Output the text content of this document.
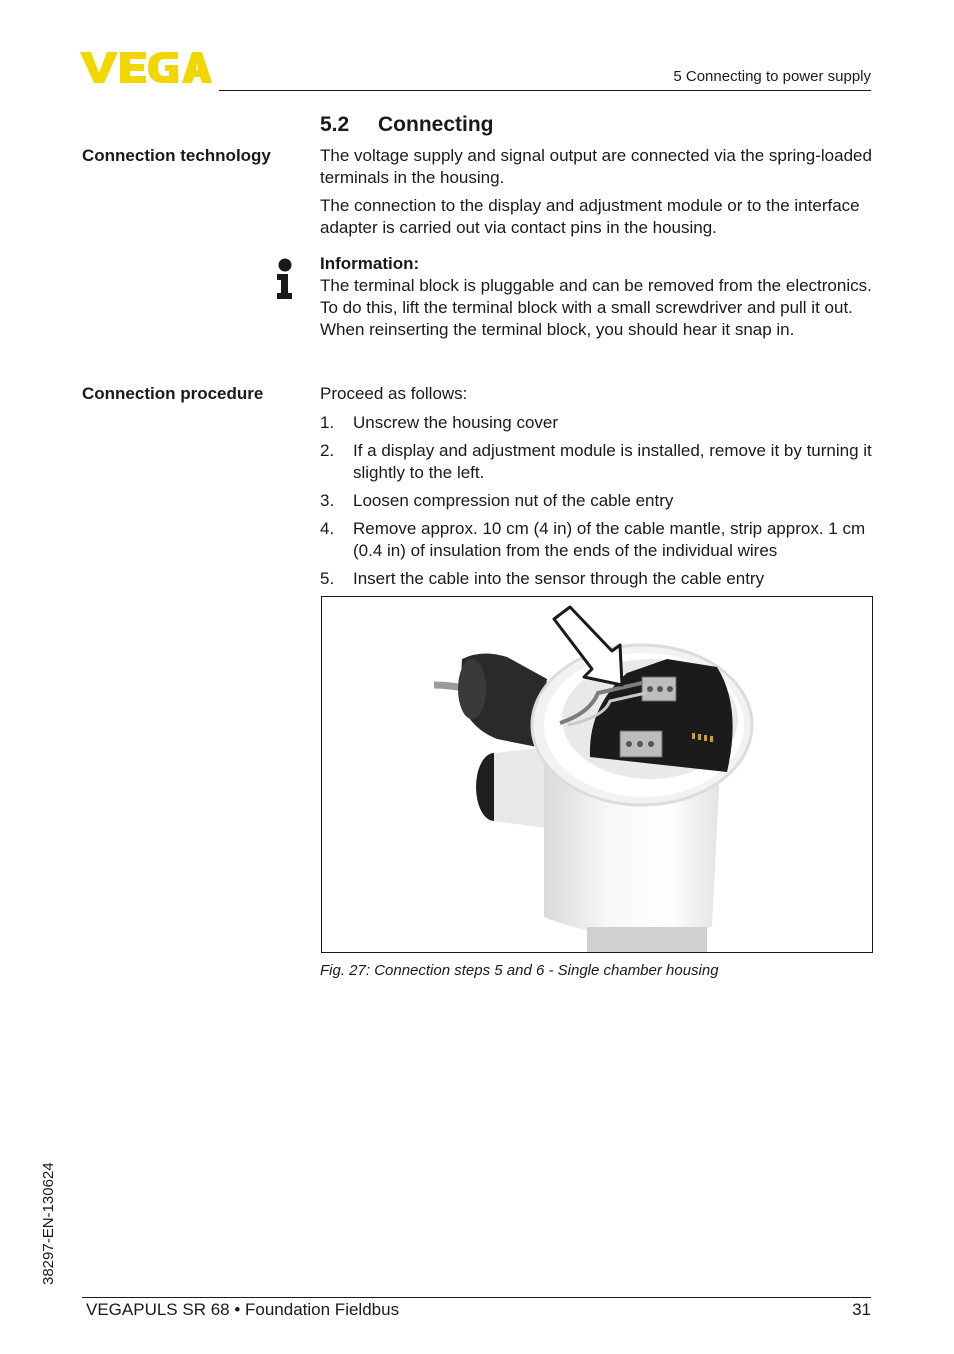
5 Connecting to power supply
5.2 Connecting
Connection technology	The voltage supply and signal output are connected via the spring-loaded terminals in the housing.

The connection to the display and adjustment module or to the interface adapter is carried out via contact pins in the housing.

Information:

The terminal block is pluggable and can be removed from the electronics. To do this, lift the terminal block with a small screwdriver and pull it out. When reinserting the terminal block, you should hear it snap in.

Connection procedure	Proceed as follows:
1. Unscrew the housing cover
2. If a display and adjustment module is installed, remove it by turning it slightly to the left.
3. Loosen compression nut of the cable entry
4. Remove approx. 10 cm (4 in) of the cable mantle, strip approx. 1 cm (0.4 in) of insulation from the ends of the individual wires
5. Insert the cable into the sensor through the cable entry
Fig. 27: Connection steps 5 and 6 - Single chamber housing
38297-EN-130624
VEGAPULS SR 68 • Foundation Fieldbus	31
